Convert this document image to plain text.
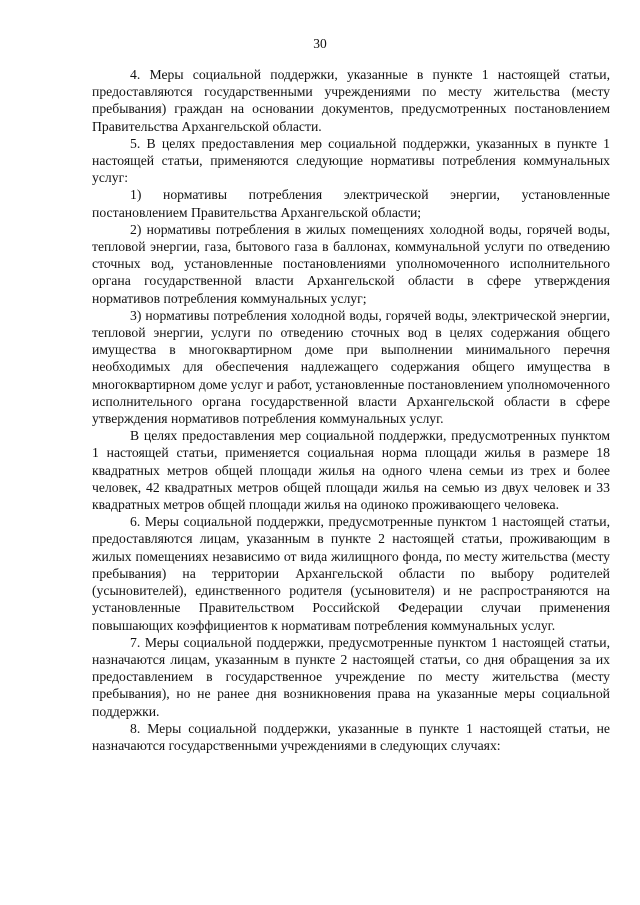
30

4. Меры социальной поддержки, указанные в пункте 1 настоящей статьи, предоставляются государственными учреждениями по месту жительства (месту пребывания) граждан на основании документов, предусмотренных постановлением Правительства Архангельской области.

5. В целях предоставления мер социальной поддержки, указанных в пункте 1 настоящей статьи, применяются следующие нормативы потребления коммунальных услуг:

1) нормативы потребления электрической энергии, установленные постановлением Правительства Архангельской области;

2) нормативы потребления в жилых помещениях холодной воды, горячей воды, тепловой энергии, газа, бытового газа в баллонах, коммунальной услуги по отведению сточных вод, установленные постановлениями уполномоченного исполнительного органа государственной власти Архангельской области в сфере утверждения нормативов потребления коммунальных услуг;

3) нормативы потребления холодной воды, горячей воды, электрической энергии, тепловой энергии, услуги по отведению сточных вод в целях содержания общего имущества в многоквартирном доме при выполнении минимального перечня необходимых для обеспечения надлежащего содержания общего имущества в многоквартирном доме услуг и работ, установленные постановлением уполномоченного исполнительного органа государственной власти Архангельской области в сфере утверждения нормативов потребления коммунальных услуг.

В целях предоставления мер социальной поддержки, предусмотренных пунктом 1 настоящей статьи, применяется социальная норма площади жилья в размере 18 квадратных метров общей площади жилья на одного члена семьи из трех и более человек, 42 квадратных метров общей площади жилья на семью из двух человек и 33 квадратных метров общей площади жилья на одиноко проживающего человека.

6. Меры социальной поддержки, предусмотренные пунктом 1 настоящей статьи, предоставляются лицам, указанным в пункте 2 настоящей статьи, проживающим в жилых помещениях независимо от вида жилищного фонда, по месту жительства (месту пребывания) на территории Архангельской области по выбору родителей (усыновителей), единственного родителя (усыновителя) и не распространяются на установленные Правительством Российской Федерации случаи применения повышающих коэффициентов к нормативам потребления коммунальных услуг.

7. Меры социальной поддержки, предусмотренные пунктом 1 настоящей статьи, назначаются лицам, указанным в пункте 2 настоящей статьи, со дня обращения за их предоставлением в государственное учреждение по месту жительства (месту пребывания), но не ранее дня возникновения права на указанные меры социальной поддержки.

8. Меры социальной поддержки, указанные в пункте 1 настоящей статьи, не назначаются государственными учреждениями в следующих случаях:
